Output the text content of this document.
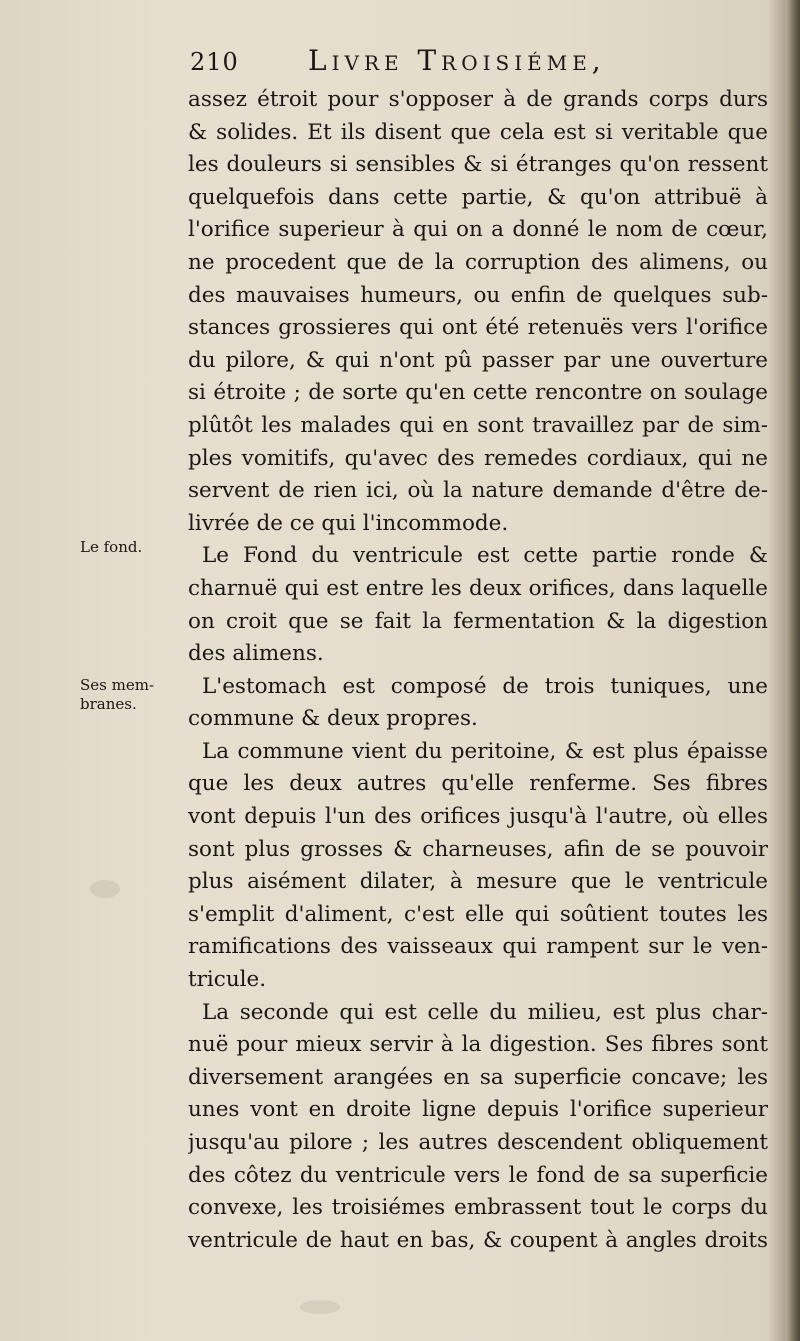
210 Livre Troisiéme,
Le fond.
Ses mem-
branes.
assez étroit pour s'opposer à de grands corps durs
& solides. Et ils disent que cela est si veritable que
les douleurs si sensibles & si étranges qu'on ressent
quelquefois dans cette partie, & qu'on attribuë à
l'orifice superieur à qui on a donné le nom de cœur,
ne procedent que de la corruption des alimens, ou
des mauvaises humeurs, ou enfin de quelques sub-
stances grossieres qui ont été retenuës vers l'orifice
du pilore, & qui n'ont pû passer par une ouverture
si étroite ; de sorte qu'en cette rencontre on soulage
plûtôt les malades qui en sont travaillez par de sim-
ples vomitifs, qu'avec des remedes cordiaux, qui ne
servent de rien ici, où la nature demande d'être de-
livrée de ce qui l'incommode.
Le Fond du ventricule est cette partie ronde &
charnuë qui est entre les deux orifices, dans laquelle
on croit que se fait la fermentation & la digestion
des alimens.
L'estomach est composé de trois tuniques, une
commune & deux propres.
La commune vient du peritoine, & est plus épaisse
que les deux autres qu'elle renferme. Ses fibres
vont depuis l'un des orifices jusqu'à l'autre, où elles
sont plus grosses & charneuses, afin de se pouvoir
plus aisément dilater, à mesure que le ventricule
s'emplit d'aliment, c'est elle qui soûtient toutes les
ramifications des vaisseaux qui rampent sur le ven-
tricule.
La seconde qui est celle du milieu, est plus char-
nuë pour mieux servir à la digestion. Ses fibres sont
diversement arangées en sa superficie concave; les
unes vont en droite ligne depuis l'orifice superieur
jusqu'au pilore ; les autres descendent obliquement
des côtez du ventricule vers le fond de sa superficie
convexe, les troisiémes embrassent tout le corps du
ventricule de haut en bas, & coupent à angles droits
